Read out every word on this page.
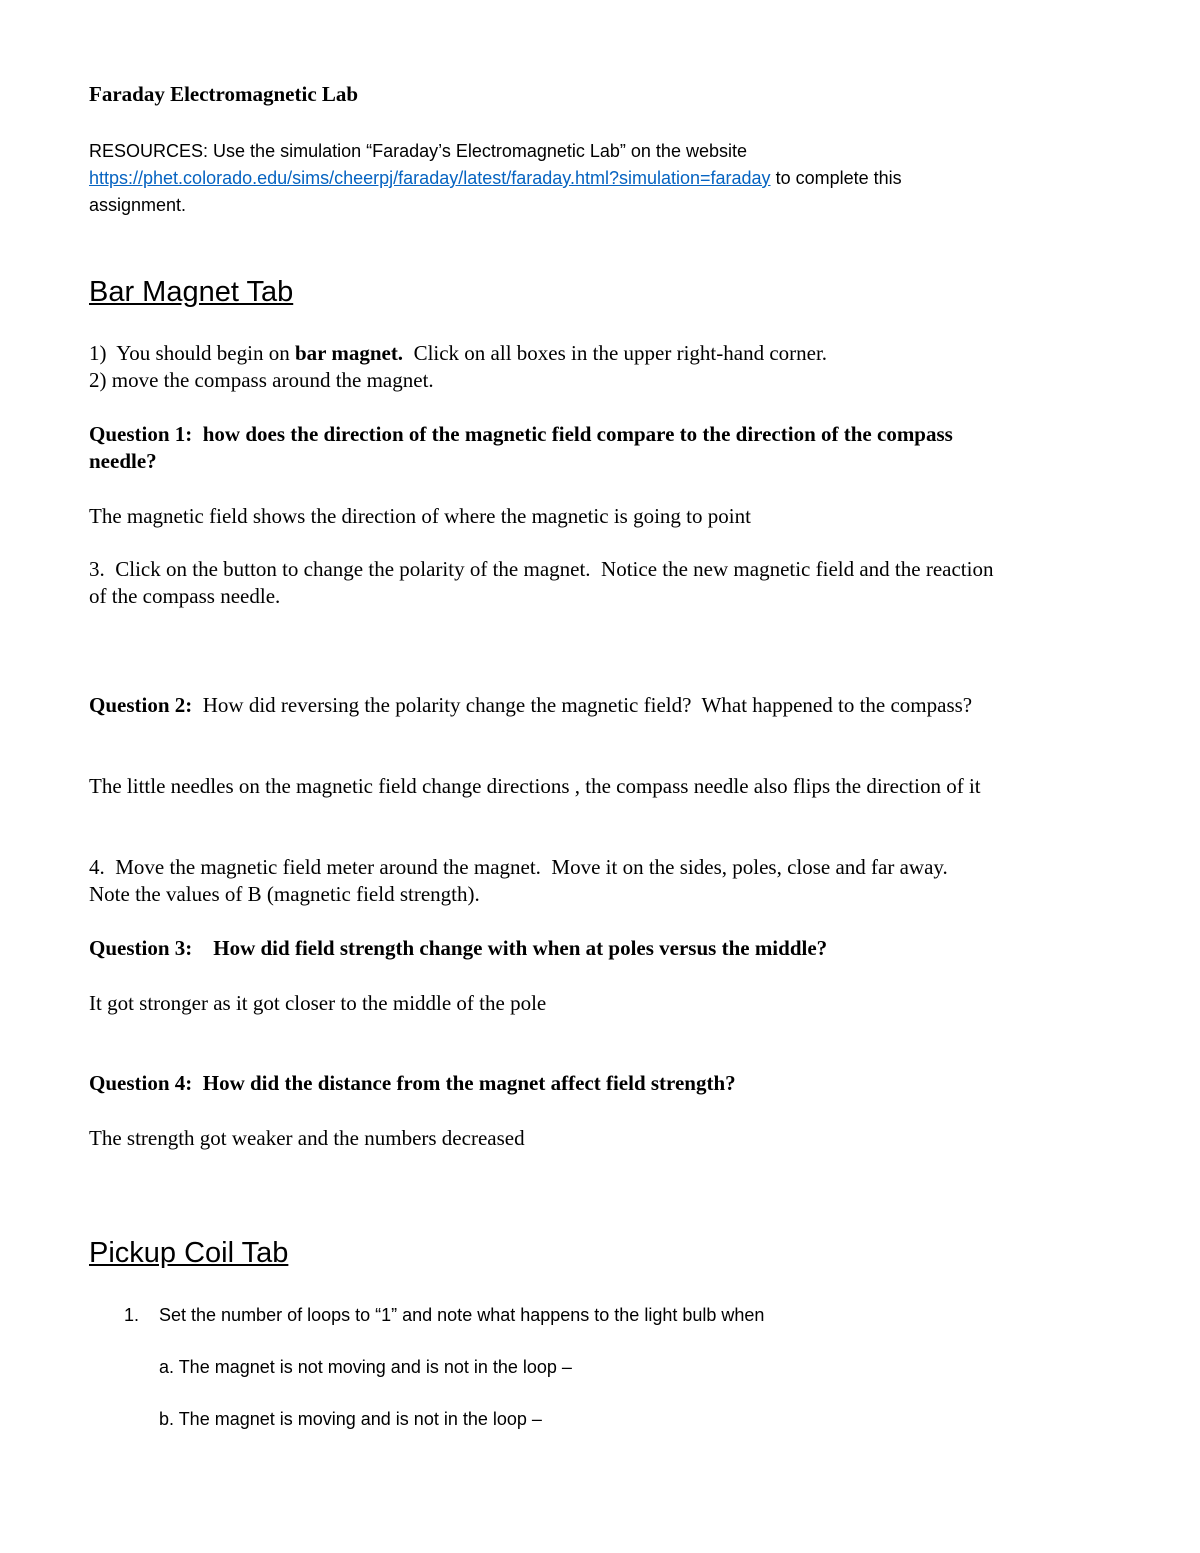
Faraday Electromagnetic Lab
RESOURCES: Use the simulation “Faraday’s Electromagnetic Lab” on the website
https://phet.colorado.edu/sims/cheerpj/faraday/latest/faraday.html?simulation=faraday to complete this
assignment.
Bar Magnet Tab
1)  You should begin on bar magnet.  Click on all boxes in the upper right-hand corner.
2) move the compass around the magnet.
Question 1:  how does the direction of the magnetic field compare to the direction of the compass
needle?
The magnetic field shows the direction of where the magnetic is going to point
3.  Click on the button to change the polarity of the magnet.  Notice the new magnetic field and the reaction
of the compass needle.
Question 2:  How did reversing the polarity change the magnetic field?  What happened to the compass?
The little needles on the magnetic field change directions , the compass needle also flips the direction of it
4.  Move the magnetic field meter around the magnet.  Move it on the sides, poles, close and far away.
Note the values of B (magnetic field strength).
Question 3:    How did field strength change with when at poles versus the middle?
It got stronger as it got closer to the middle of the pole
Question 4:  How did the distance from the magnet affect field strength?
The strength got weaker and the numbers decreased
Pickup Coil Tab
1. Set the number of loops to “1” and note what happens to the light bulb when
a. The magnet is not moving and is not in the loop –
b. The magnet is moving and is not in the loop –
